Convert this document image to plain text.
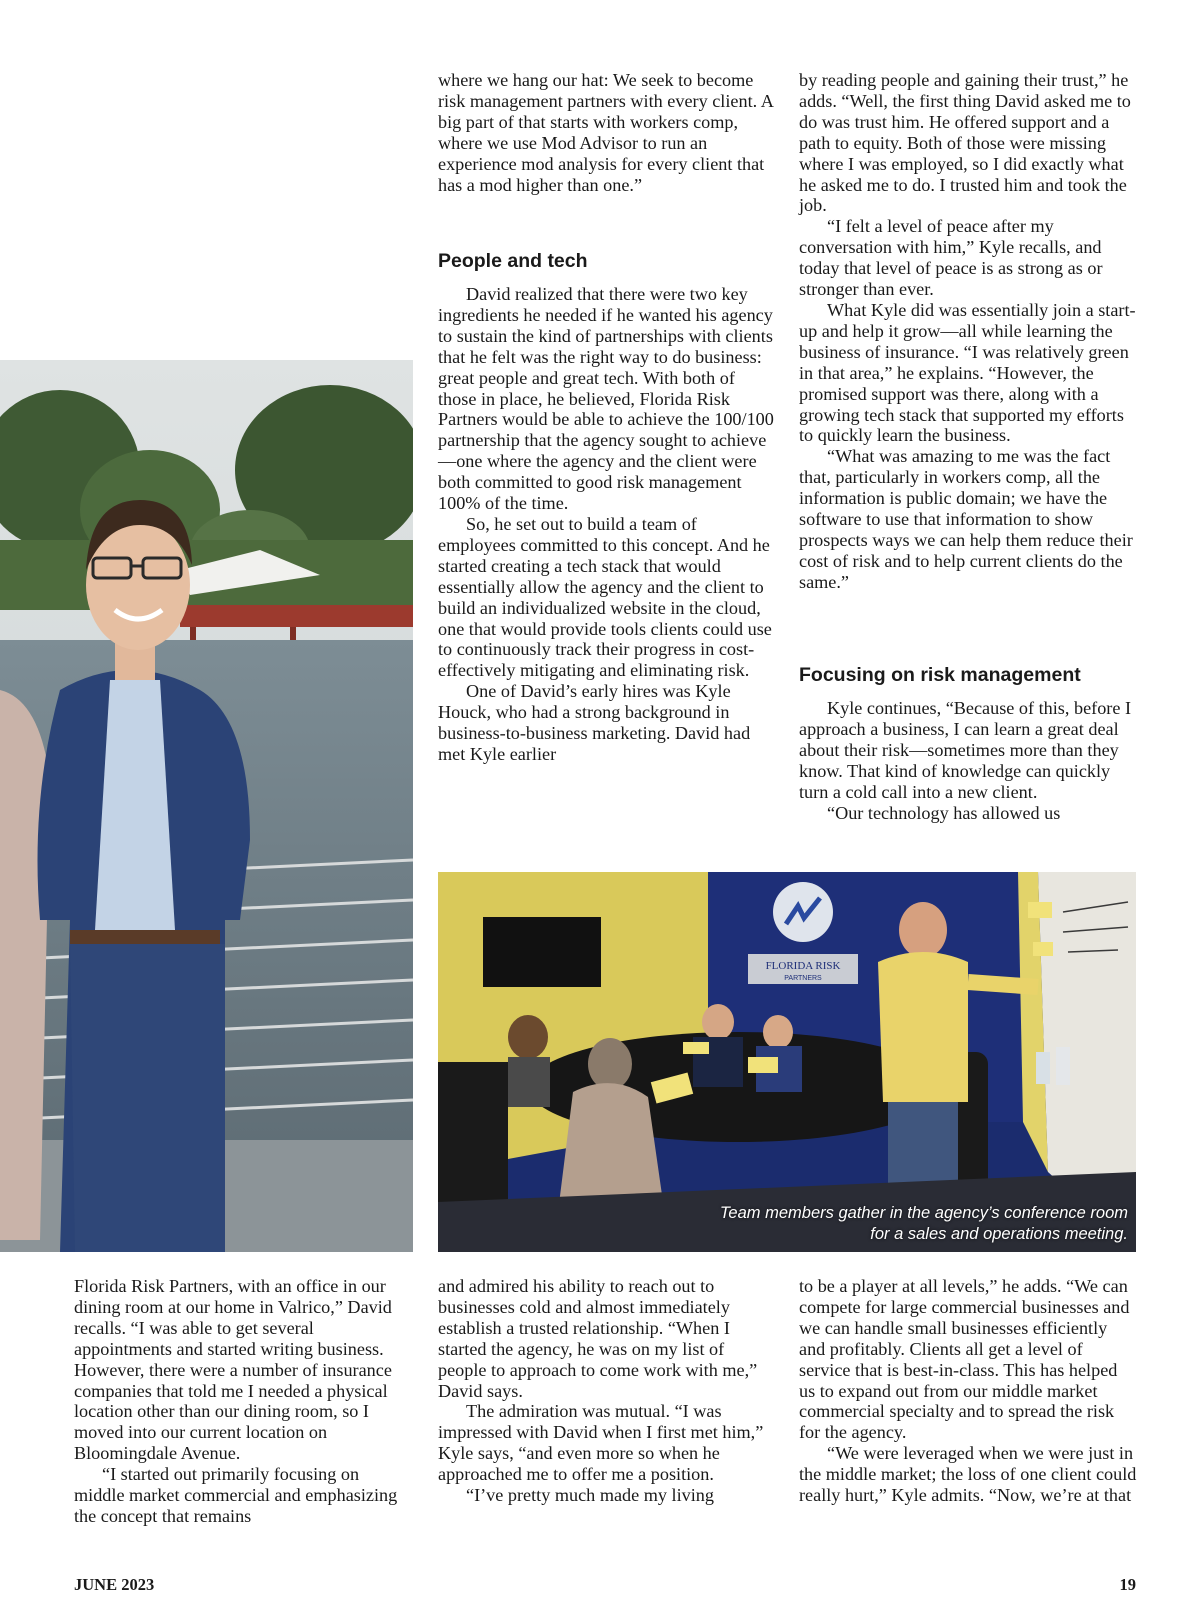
where we hang our hat: We seek to become risk management partners with every client. A big part of that starts with workers comp, where we use Mod Advisor to run an experience mod analysis for every client that has a mod higher than one.”

People and tech

David realized that there were two key ingredients he needed if he wanted his agency to sustain the kind of partnerships with clients that he felt was the right way to do business: great people and great tech. With both of those in place, he believed, Florida Risk Partners would be able to achieve the 100/100 partnership that the agency sought to achieve—one where the agency and the client were both committed to good risk management 100% of the time.

So, he set out to build a team of employees committed to this concept. And he started creating a tech stack that would essentially allow the agency and the client to build an individualized website in the cloud, one that would provide tools clients could use to continuously track their progress in cost-effectively mitigating and eliminating risk.

One of David’s early hires was Kyle Houck, who had a strong background in business-to-business marketing. David had met Kyle earlier

by reading people and gaining their trust,” he adds. “Well, the first thing David asked me to do was trust him. He offered support and a path to equity. Both of those were missing where I was employed, so I did exactly what he asked me to do. I trusted him and took the job.

“I felt a level of peace after my conversation with him,” Kyle recalls, and today that level of peace is as strong as or stronger than ever.

What Kyle did was essentially join a start-up and help it grow—all while learning the business of insurance. “I was relatively green in that area,” he explains. “However, the promised support was there, along with a growing tech stack that supported my efforts to quickly learn the business.

“What was amazing to me was the fact that, particularly in workers comp, all the information is public domain; we have the software to use that information to show prospects ways we can help them reduce their cost of risk and to help current clients do the same.”

Focusing on risk management

Kyle continues, “Because of this, before I approach a business, I can learn a great deal about their risk—sometimes more than they know. That kind of knowledge can quickly turn a cold call into a new client.

“Our technology has allowed us

FLORIDA RISK
PARTNERS
Team members gather in the agency’s conference room
for a sales and operations meeting.

Florida Risk Partners, with an office in our dining room at our home in Valrico,” David recalls. “I was able to get several appointments and started writing business. However, there were a number of insurance companies that told me I needed a physical location other than our dining room, so I moved into our current location on Bloomingdale Avenue.

“I started out primarily focusing on middle market commercial and emphasizing the concept that remains

and admired his ability to reach out to businesses cold and almost immediately establish a trusted relationship. “When I started the agency, he was on my list of people to approach to come work with me,” David says.

The admiration was mutual. “I was impressed with David when I first met him,” Kyle says, “and even more so when he approached me to offer me a position.

“I’ve pretty much made my living

to be a player at all levels,” he adds. “We can compete for large commercial businesses and we can handle small businesses efficiently and profitably. Clients all get a level of service that is best-in-class. This has helped us to expand out from our middle market commercial specialty and to spread the risk for the agency.

“We were leveraged when we were just in the middle market; the loss of one client could really hurt,” Kyle admits. “Now, we’re at that

JUNE 2023	19
